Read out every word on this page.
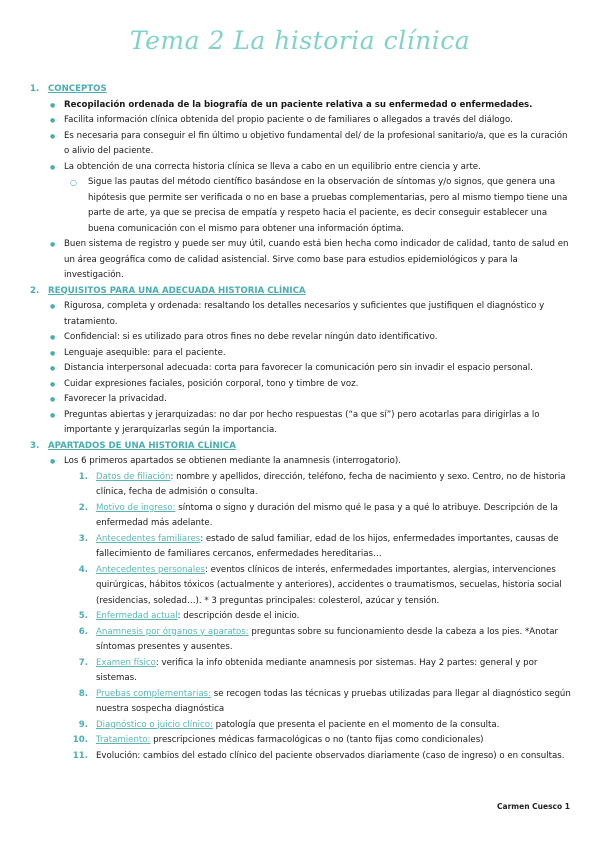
Tema 2 La historia clínica
1.	CONCEPTOS
● Recopilación ordenada de la biografía de un paciente relativa a su enfermedad o enfermedades.
● Facilita información clínica obtenida del propio paciente o de familiares o allegados a través del diálogo.
● Es necesaria para conseguir el fin último u objetivo fundamental del/ de la profesional sanitario/a, que es la curación o alivio del paciente.
● La obtención de una correcta historia clínica se lleva a cabo en un equilibrio entre ciencia y arte.
○ Sigue las pautas del método científico basándose en la observación de síntomas y/o signos, que genera una hipótesis que permite ser verificada o no en base a pruebas complementarias, pero al mismo tiempo tiene una parte de arte, ya que se precisa de empatía y respeto hacia el paciente, es decir conseguir establecer una buena comunicación con el mismo para obtener una información óptima.
● Buen sistema de registro y puede ser muy útil, cuando está bien hecha como indicador de calidad, tanto de salud en un área geográfica como de calidad asistencial. Sirve como base para estudios epidemiológicos y para la investigación.
2.	REQUISITOS PARA UNA ADECUADA HISTORIA CLÍNICA
● Rigurosa, completa y ordenada: resaltando los detalles necesarios y suficientes que justifiquen el diagnóstico y tratamiento.
● Confidencial: si es utilizado para otros fines no debe revelar ningún dato identificativo.
● Lenguaje asequible: para el paciente.
● Distancia interpersonal adecuada: corta para favorecer la comunicación pero sin invadir el espacio personal.
● Cuidar expresiones faciales, posición corporal, tono y timbre de voz.
● Favorecer la privacidad.
● Preguntas abiertas y jerarquizadas: no dar por hecho respuestas (“a que sí”) pero acotarlas para dirigirlas a lo importante y jerarquizarlas según la importancia.
3.	APARTADOS DE UNA HISTORIA CLÍNICA
● Los 6 primeros apartados se obtienen mediante la anamnesis (interrogatorio).
1. Datos de filiación: nombre y apellidos, dirección, teléfono, fecha de nacimiento y sexo. Centro, no de historia clínica, fecha de admisión o consulta.
2. Motivo de ingreso: síntoma o signo y duración del mismo qué le pasa y a qué lo atribuye. Descripción de la enfermedad más adelante.
3. Antecedentes familiares: estado de salud familiar, edad de los hijos, enfermedades importantes, causas de fallecimiento de familiares cercanos, enfermedades hereditarias…
4. Antecedentes personales: eventos clínicos de interés, enfermedades importantes, alergias, intervenciones quirúrgicas, hábitos tóxicos (actualmente y anteriores), accidentes o traumatismos, secuelas, historia social (residencias, soledad…). * 3 preguntas principales: colesterol, azúcar y tensión.
5. Enfermedad actual: descripción desde el inicio.
6. Anamnesis por órganos y aparatos: preguntas sobre su funcionamiento desde la cabeza a los pies. *Anotar síntomas presentes y ausentes.
7. Examen físico: verifica la info obtenida mediante anamnesis por sistemas. Hay 2 partes: general y por sistemas.
8. Pruebas complementarias: se recogen todas las técnicas y pruebas utilizadas para llegar al diagnóstico según nuestra sospecha diagnóstica
9. Diagnóstico o juicio clínico: patología que presenta el paciente en el momento de la consulta.
10. Tratamiento: prescripciones médicas farmacológicas o no (tanto fijas como condicionales)
11. Evolución: cambios del estado clínico del paciente observados diariamente (caso de ingreso) o en consultas.
Carmen Cuesco 1
